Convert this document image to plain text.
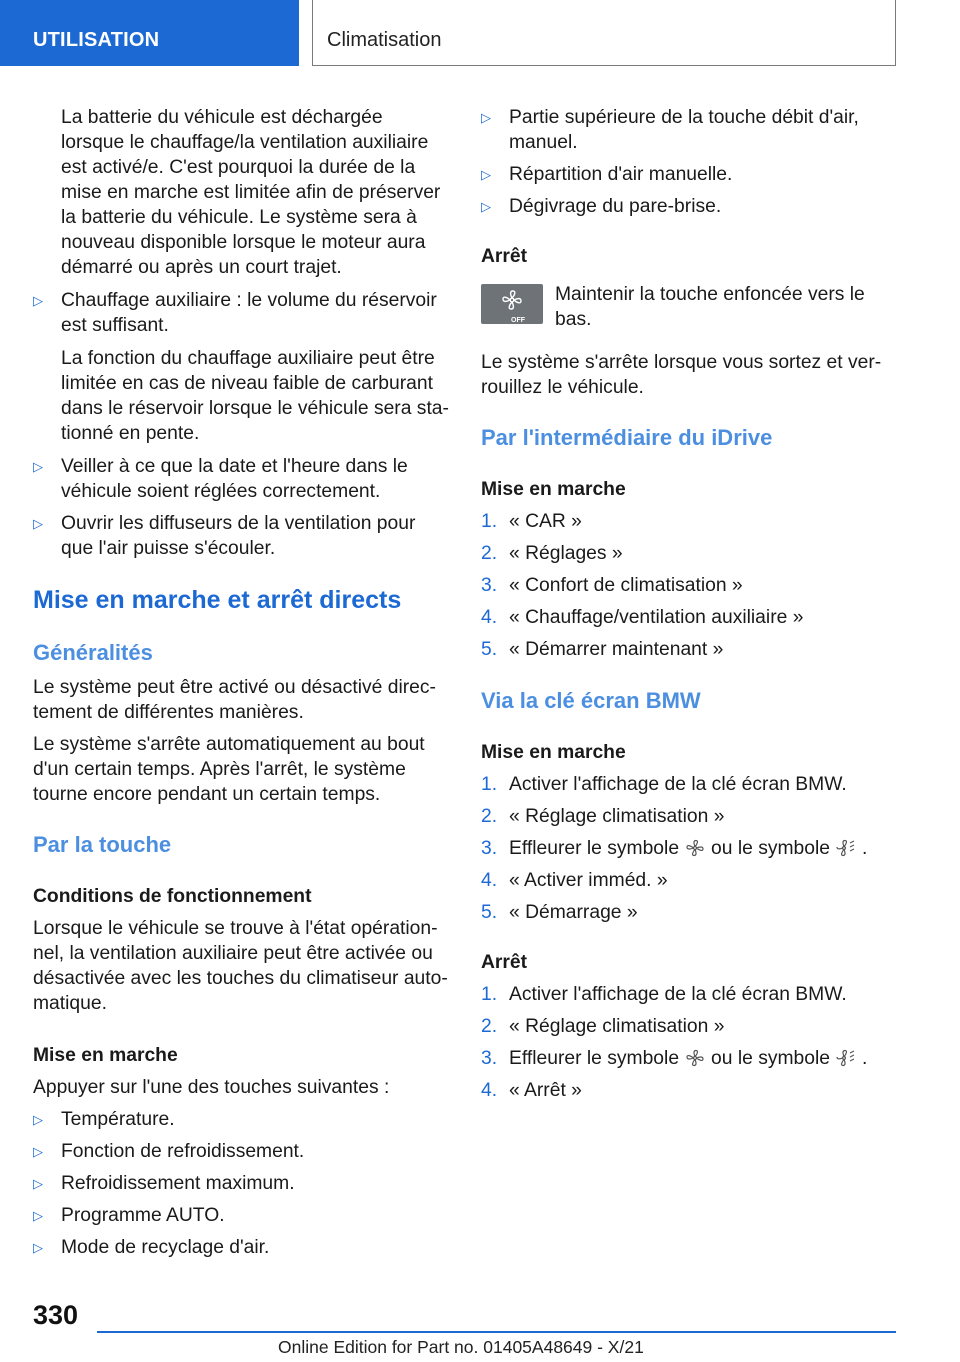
UTILISATION	Climatisation
La batterie du véhicule est déchargée lorsque le chauffage/la ventilation auxiliaire est activé/e. C'est pourquoi la durée de la mise en marche est limitée afin de préserver la batterie du véhicule. Le système sera à nouveau disponible lorsque le moteur aura démarré ou après un court trajet.
▷ Chauffage auxiliaire : le volume du réservoir est suffisant.
La fonction du chauffage auxiliaire peut être limitée en cas de niveau faible de carburant dans le réservoir lorsque le véhicule sera stationné en pente.
▷ Veiller à ce que la date et l'heure dans le véhicule soient réglées correctement.
▷ Ouvrir les diffuseurs de la ventilation pour que l'air puisse s'écouler.
Mise en marche et arrêt directs
Généralités
Le système peut être activé ou désactivé directement de différentes manières.
Le système s'arrête automatiquement au bout d'un certain temps. Après l'arrêt, le système tourne encore pendant un certain temps.
Par la touche
Conditions de fonctionnement
Lorsque le véhicule se trouve à l'état opérationnel, la ventilation auxiliaire peut être activée ou désactivée avec les touches du climatiseur automatique.
Mise en marche
Appuyer sur l'une des touches suivantes :
▷ Température.
▷ Fonction de refroidissement.
▷ Refroidissement maximum.
▷ Programme AUTO.
▷ Mode de recyclage d'air.
▷ Partie supérieure de la touche débit d'air, manuel.
▷ Répartition d'air manuelle.
▷ Dégivrage du pare-brise.
Arrêt
OFF
Maintenir la touche enfoncée vers le bas.
Le système s'arrête lorsque vous sortez et verrouillez le véhicule.
Par l'intermédiaire du iDrive
Mise en marche
1. « CAR »
2. « Réglages »
3. « Confort de climatisation »
4. « Chauffage/ventilation auxiliaire »
5. « Démarrer maintenant »
Via la clé écran BMW
Mise en marche
1. Activer l'affichage de la clé écran BMW.
2. « Réglage climatisation »
3. Effleurer le symbole ou le symbole .
4. « Activer imméd. »
5. « Démarrage »
Arrêt
1. Activer l'affichage de la clé écran BMW.
2. « Réglage climatisation »
3. Effleurer le symbole ou le symbole .
4. « Arrêt »
330
Online Edition for Part no. 01405A48649 - X/21
